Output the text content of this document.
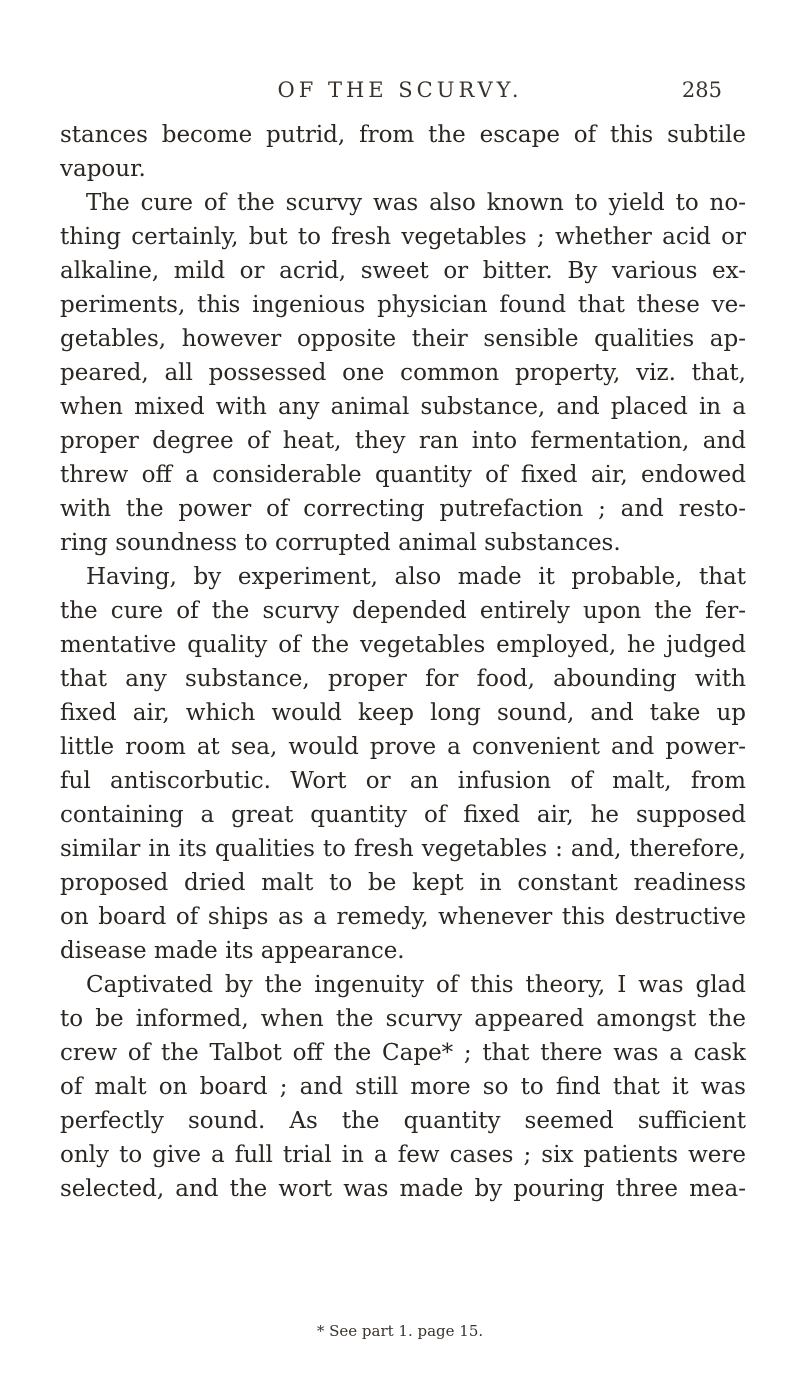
OF THE SCURVY.	285
stances become putrid, from the escape of this subtile
vapour.
The cure of the scurvy was also known to yield to no-
thing certainly, but to fresh vegetables ; whether acid or
alkaline, mild or acrid, sweet or bitter. By various ex-
periments, this ingenious physician found that these ve-
getables, however opposite their sensible qualities ap-
peared, all possessed one common property, viz. that,
when mixed with any animal substance, and placed in a
proper degree of heat, they ran into fermentation, and
threw off a considerable quantity of fixed air, endowed
with the power of correcting putrefaction ; and resto-
ring soundness to corrupted animal substances.
Having, by experiment, also made it probable, that
the cure of the scurvy depended entirely upon the fer-
mentative quality of the vegetables employed, he judged
that any substance, proper for food, abounding with
fixed air, which would keep long sound, and take up
little room at sea, would prove a convenient and power-
ful antiscorbutic. Wort or an infusion of malt, from
containing a great quantity of fixed air, he supposed
similar in its qualities to fresh vegetables : and, therefore,
proposed dried malt to be kept in constant readiness
on board of ships as a remedy, whenever this destructive
disease made its appearance.
Captivated by the ingenuity of this theory, I was glad
to be informed, when the scurvy appeared amongst the
crew of the Talbot off the Cape* ; that there was a cask
of malt on board ; and still more so to find that it was
perfectly sound. As the quantity seemed sufficient
only to give a full trial in a few cases ; six patients were
selected, and the wort was made by pouring three mea-
* See part 1. page 15.
